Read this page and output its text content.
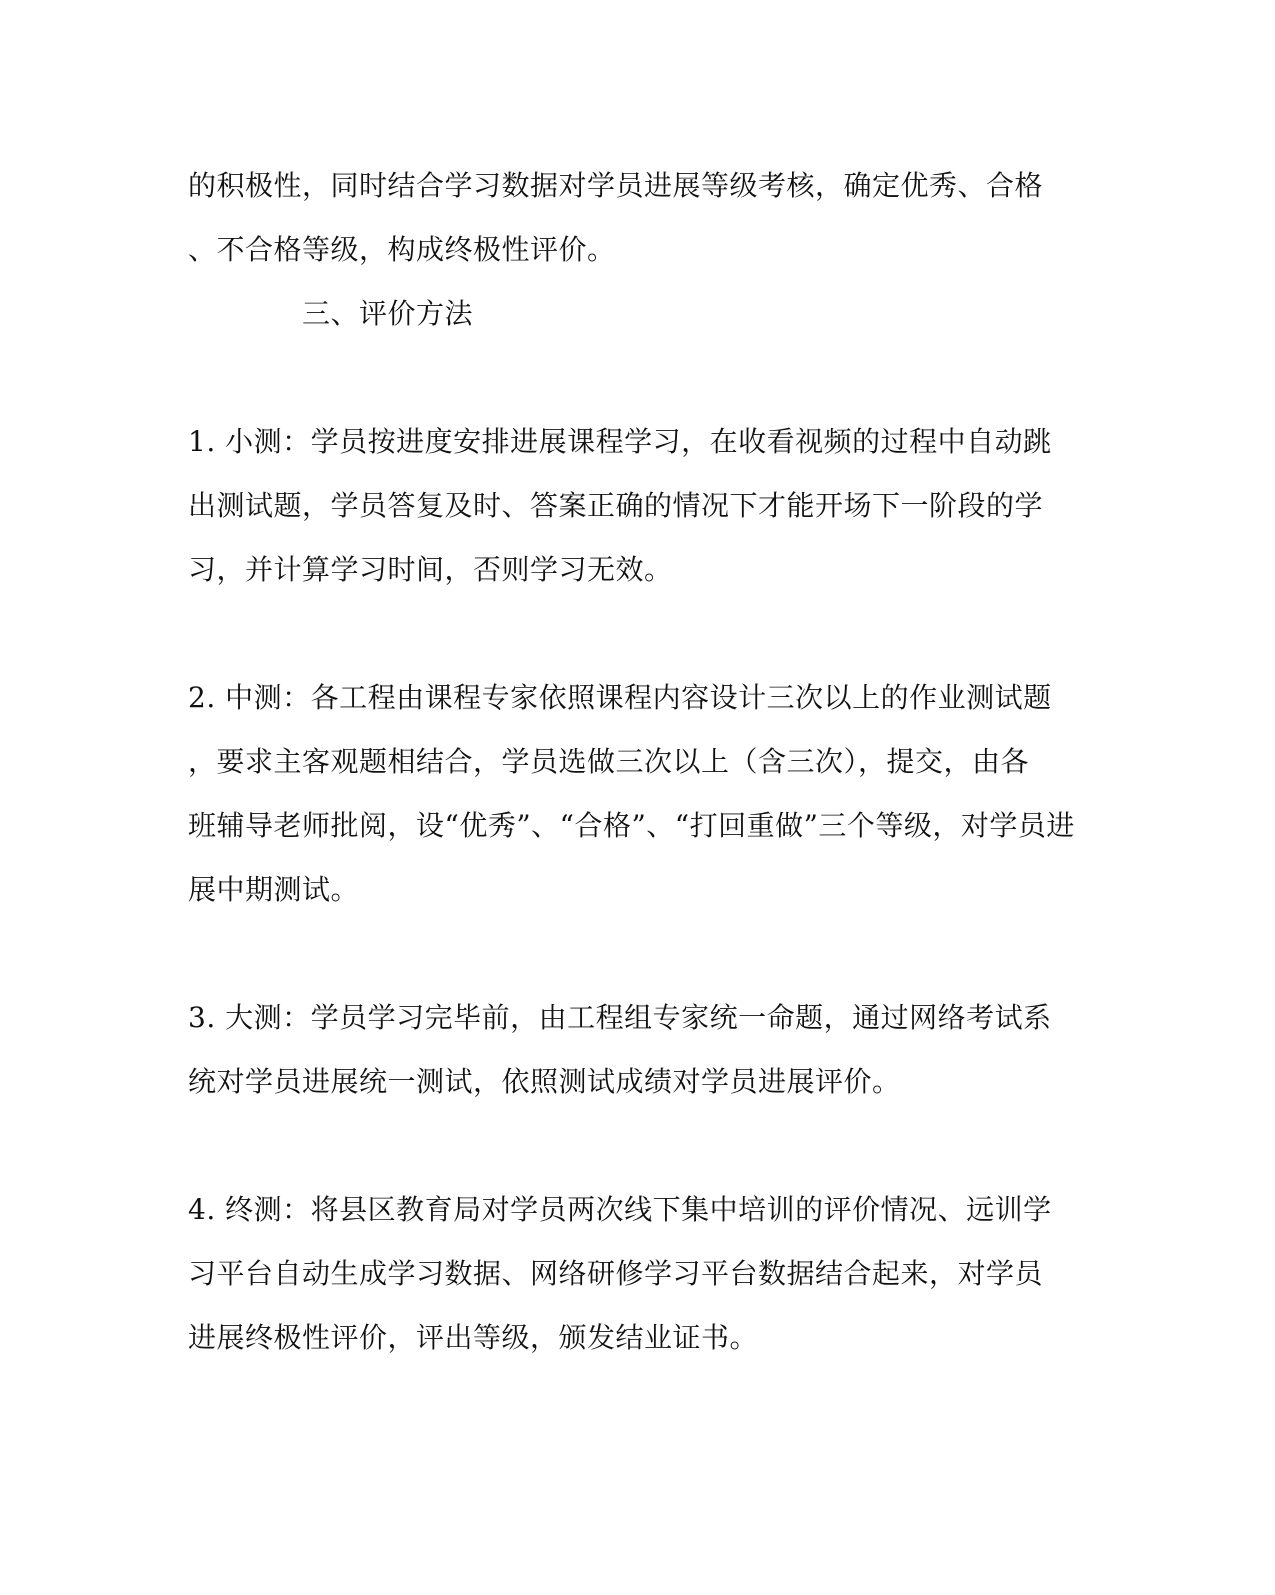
的积极性，同时结合学习数据对学员进展等级考核，确定优秀、合格
、不合格等级，构成终极性评价。
三、评价方法
1. 小测：学员按进度安排进展课程学习，在收看视频的过程中自动跳
出测试题，学员答复及时、答案正确的情况下才能开场下一阶段的学
习，并计算学习时间，否则学习无效。
2. 中测：各工程由课程专家依照课程内容设计三次以上的作业测试题
，要求主客观题相结合，学员选做三次以上（含三次），提交，由各
班辅导老师批阅，设“优秀”、“合格”、“打回重做”三个等级，对学员进
展中期测试。
3. 大测：学员学习完毕前，由工程组专家统一命题，通过网络考试系
统对学员进展统一测试，依照测试成绩对学员进展评价。
4. 终测：将县区教育局对学员两次线下集中培训的评价情况、远训学
习平台自动生成学习数据、网络研修学习平台数据结合起来，对学员
进展终极性评价，评出等级，颁发结业证书。
